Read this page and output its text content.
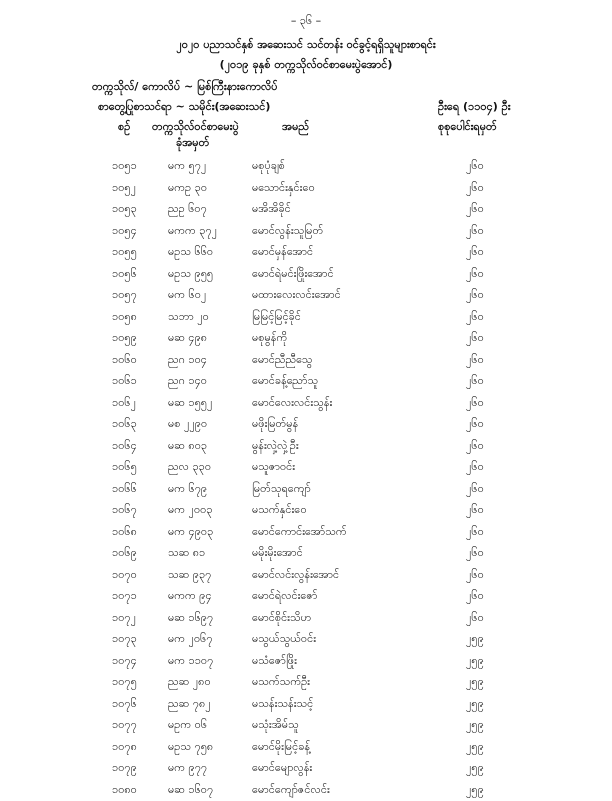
– ၃၆ –
၂၀၂၀ ပညာသင်နှစ် အဆေးသင် သင်တန်း ဝင်ခွင့်ရရှိသူများစာရင်း
(၂၀၁၉ ခုနှစ် တက္ကသိုလ်ဝင်စာမေးပွဲအောင်)
တက္ကသိုလ်/ ကောလိပ် ~ မြစ်ကြီးနားကောလိပ်
စာတွေ့ပြုစာသင်ရာ ~ သမိုင်း(အဆေးသင်)	ဦးရေ (၁၁၀၄) ဦး
စဉ် တက္ကသိုလ်ဝင်စာမေးပွဲ
ခုံအမှတ်
အမည်	စုစုပေါင်းရမှတ်
၁၀၅၁	မက ၅၇၂	မစုပုံချစ်	၂၆၀
၁၀၅၂	မကဥ ၃၀	မသောင်းနှင်း၀ေ	၂၆၀
၁၀၅၃	ညဥ ၆၀၇	မအိအိခိုင်	၂၆၀
၁၀၅၄	မကက ၃၇၂	မောင်လွန်းသူမြတ်	၂၆၀
၁၀၅၅	မဥသ ၆၆၀	မောင်မှန်အောင်	၂၆၀
၁၀၅၆	မဥသ ၉၅၅	မောင်ရဲမင်းဖြိုးအောင်	၂၆၀
၁၀၅၇	မက ၆၀၂	မထားလေးလင်းအောင်	၂၆၀
၁၀၅၈	သဘာ ၂၀	မြမြင့်မြင့်ခိုင်	၂၆၀
၁၀၅၉	မဆ ၄၉၈	မစုမွန်ကို	၂၆၀
၁၀၆၀	ညဂ ၁၀၄	မောင်ညီညီသွေ	၂၆၀
၁၀၆၁	ညဂ ၁၄၀	မောင်ခန့်ညော်သူ	၂၆၀
၁၀၆၂	မဆ ၁၅၅၂	မောင်လေးလင်းသွန်း	၂၆၀
၁၀၆၃	မစ ၂၂၉၀	မဖိုးမြတ်မွန်	၂၆၀
၁၀၆၄	မဆ ၈၀၃	မွန်းလှဲ့လှဲ့ဦး	၂၆၀
၁၀၆၅	ညလ ၃၃၀	မသူဇာဝင်း	၂၆၀
၁၀၆၆	မက ၆၇၉	မြတ်သုရကျော်	၂၆၀
၁၀၆၇	မက ၂၀၀၃	မသက်နှင်း၀ေ	၂၆၀
၁၀၆၈	မက ၄၉၀၃	မောင်ကောင်းအော်သက်	၂၆၀
၁၀၆၉	သဆ ၈၁	မမိုးမိုးအောင်	၂၆၀
၁၀၇၀	သဆ ၉၃၇	မောင်လင်းလွန်းအောင်	၂၆၀
၁၀၇၁	မကက ၉၄	မောင်ရဲလင်းဇော်	၂၆၀
၁၀၇၂	မဆ ၁၆၉၇	မောင်စိုင်းသိဟ	၂၆၀
၁၀၇၃	မက ၂၀၆၇	မသွယ်သွယ်ဝင်း	၂၅၉
၁၀၇၄	မက ၁၁၀၇	မသံဇော်ဖြိုး	၂၅၉
၁၀၇၅	ညဆ ၂၈၀	မသက်သက်ဦး	၂၅၉
၁၀၇၆	ညဆ ၇၈၂	မသန်းသန်းသင့်	၂၅၉
၁၀၇၇	မဥက ၀၆	မသုံးအိမ်သူ	၂၅၉
၁၀၇၈	မဥသ ၇၅၈	မောင်မိုးမြင့်ခန့်	၂၅၉
၁၀၇၉	မက ၉၇၇	မောင်မျောလွန်း	၂၅၉
၁၀၈၀	မဆ ၁၆၀၇	မောင်ကျော်ဇင်လင်း	၂၅၉
